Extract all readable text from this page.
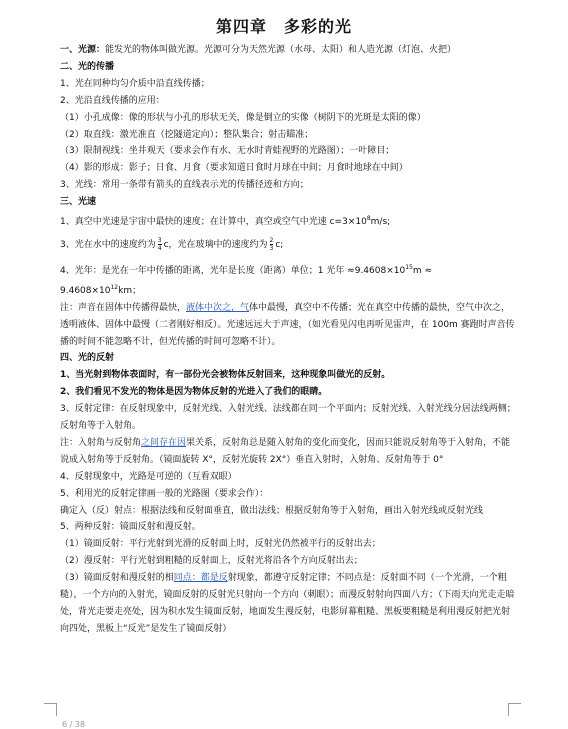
第四章　多彩的光

一、光源：能发光的物体叫做光源。光源可分为天然光源（水母、太阳）和人造光源（灯泡、火把）

二、光的传播

1、光在同种均匀介质中沿直线传播；

2、光沿直线传播的应用：

（1）小孔成像：像的形状与小孔的形状无关，像是倒立的实像（树阴下的光斑是太阳的像）

（2）取直线：激光准直（挖隧道定向）；整队集合；射击瞄准；

（3）限制视线：坐井观天（要求会作有水、无水时青蛙视野的光路图）；一叶障目；

（4）影的形成：影子；日食、月食（要求知道日食时月球在中间；月食时地球在中间）

3、光线：常用一条带有箭头的直线表示光的传播径迹和方向；

三、光速

1、真空中光速是宇宙中最快的速度；在计算中，真空或空气中光速 $c=3\times 10^8m/s$;

3、光在水中的速度约为 $\frac{3}{4}$ c，光在玻璃中的速度约为 $\frac{2}{3} c$;

4、光年：是光在一年中传播的距离，光年是长度（距离）单位；1 光年 $\approx 9.4608\times 10^{15}m$ ≈
$9.4608\times 10^{12}km$；

注：声音在固体中传播得最快，液体中次之，气体中最慢，真空中不传播；光在真空中传播的最快，空气中次之，透明液体、固体中最慢（二者刚好相反）。光速远远大于声速，（如光看见闪电再听见雷声，在 100m 赛跑时声音传播的时间不能忽略不计，但光传播的时间可忽略不计）。

四、光的反射

1、当光射到物体表面时，有一部份光会被物体反射回来，这种现象叫做光的反射。

2、我们看见不发光的物体是因为物体反射的光进入了我们的眼睛。

3、反射定律：在反射现象中，反射光线、入射光线、法线都在同一个平面内；反射光线、入射光线分居法线两侧；反射角等于入射角。

注：入射角与反射角之间存在因果关系，反射角总是随入射角的变化而变化，因而只能说反射角等于入射角，不能说成入射角等于反射角。（镜面旋转 X°，反射光旋转 2X°）垂直入射时，入射角、反射角等于 0°

4、反射现象中，光路是可逆的（互看双眼）

5、利用光的反射定律画一般的光路图（要求会作）：

确定入（反）射点：根据法线和反射面垂直，做出法线；根据反射角等于入射角，画出入射光线或反射光线

5、两种反射：镜面反射和漫反射。

（1）镜面反射：平行光射到光滑的反射面上时，反射光仍然被平行的反射出去；

（2）漫反射：平行光射到粗糙的反射面上，反射光将沿各个方向反射出去；

（3）镜面反射和漫反射的相同点：都是反射现象，都遵守反射定律；不同点是：反射面不同（一个光滑，一个粗糙），一个方向的入射光，镜面反射的反射光只射向一个方向（刺眼）；而漫反射射向四面八方；（下雨天向光走走暗处，背光走要走亮处，因为积水发生镜面反射，地面发生漫反射，电影屏幕粗糙、黑板要粗糙是利用漫反射把光射向四处，黑板上“反光”是发生了镜面反射）

6 / 38
